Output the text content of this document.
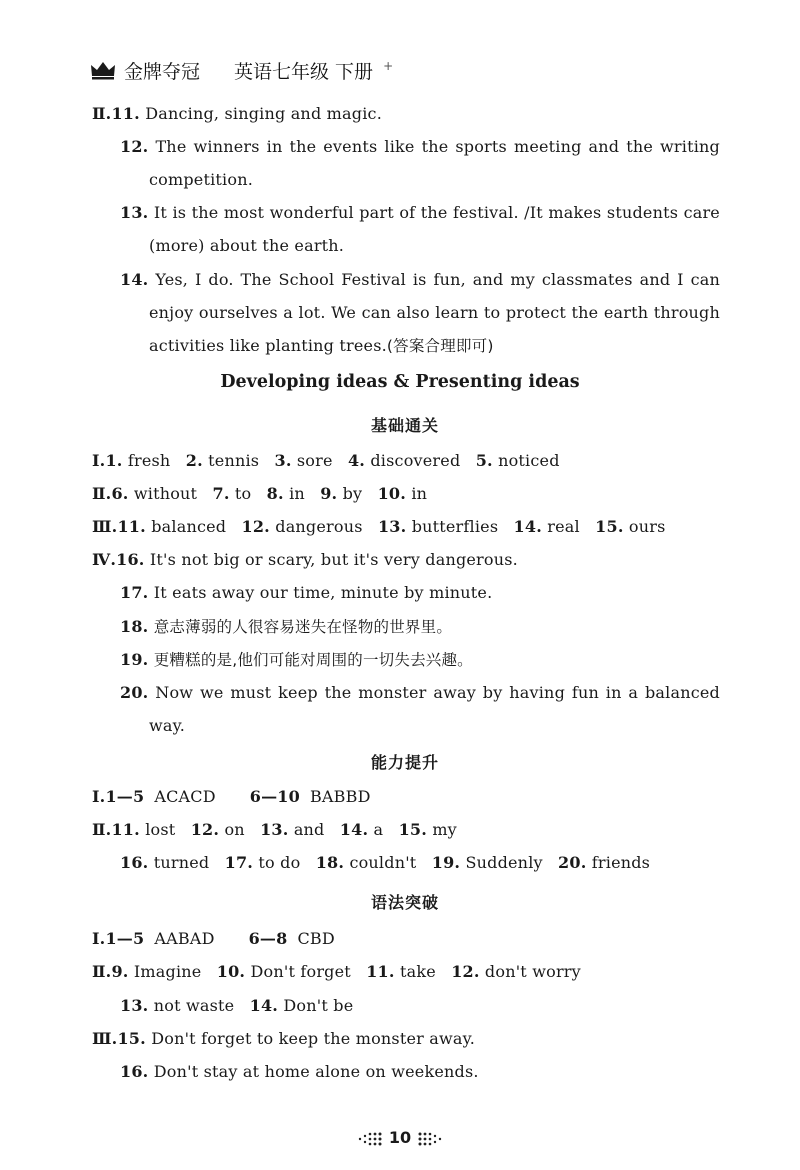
金牌夺冠 英语七年级 下册 +
Ⅱ.11. Dancing, singing and magic.
12. The winners in the events like the sports meeting and the writing
competition.
13. It is the most wonderful part of the festival. /It makes students care
(more) about the earth.
14. Yes, I do. The School Festival is fun, and my classmates and I can
enjoy ourselves a lot. We can also learn to protect the earth through
activities like planting trees.(答案合理即可)
Developing ideas & Presenting ideas
基础通关
Ⅰ.1. fresh 2. tennis 3. sore 4. discovered 5. noticed
Ⅱ.6. without 7. to 8. in 9. by 10. in
Ⅲ.11. balanced 12. dangerous 13. butterflies 14. real 15. ours
Ⅳ.16. It's not big or scary, but it's very dangerous.
17. It eats away our time, minute by minute.
18. 意志薄弱的人很容易迷失在怪物的世界里。
19. 更糟糕的是,他们可能对周围的一切失去兴趣。
20. Now we must keep the monster away by having fun in a balanced
way.
能力提升
Ⅰ.1—5 ACACD 6—10 BABBD
Ⅱ.11. lost 12. on 13. and 14. a 15. my
16. turned 17. to do 18. couldn't 19. Suddenly 20. friends
语法突破
Ⅰ.1—5 AABAD 6—8 CBD
Ⅱ.9. Imagine 10. Don't forget 11. take 12. don't worry
13. not waste 14. Don't be
Ⅲ.15. Don't forget to keep the monster away.
16. Don't stay at home alone on weekends.
10
